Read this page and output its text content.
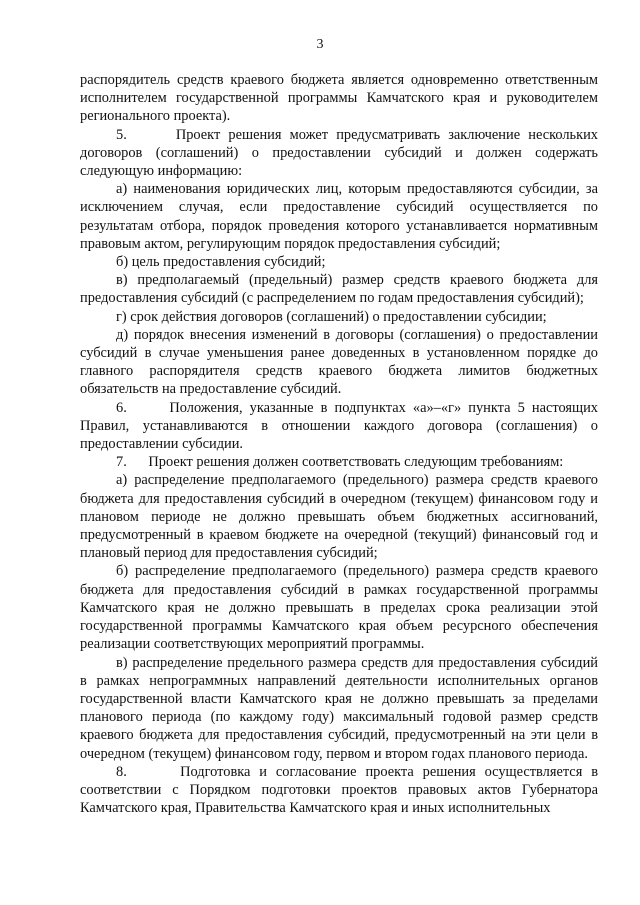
3

распорядитель средств краевого бюджета является одновременно ответственным исполнителем государственной программы Камчатского края и руководителем регионального проекта).

5.      Проект решения может предусматривать заключение нескольких договоров (соглашений) о предоставлении субсидий и должен содержать следующую информацию:

а) наименования юридических лиц, которым предоставляются субсидии, за исключением случая, если предоставление субсидий осуществляется по результатам отбора, порядок проведения которого устанавливается нормативным правовым актом, регулирующим порядок предоставления субсидий;

б) цель предоставления субсидий;

в) предполагаемый (предельный) размер средств краевого бюджета для предоставления субсидий (с распределением по годам предоставления субсидий);

г) срок действия договоров (соглашений) о предоставлении субсидии;

д) порядок внесения изменений в договоры (соглашения) о предоставлении субсидий в случае уменьшения ранее доведенных в установленном порядке до главного распорядителя средств краевого бюджета лимитов бюджетных обязательств на предоставление субсидий.

6.      Положения, указанные в подпунктах «а»–«г» пункта 5 настоящих Правил, устанавливаются в отношении каждого договора (соглашения) о предоставлении субсидии.

7.      Проект решения должен соответствовать следующим требованиям:

а) распределение предполагаемого (предельного) размера средств краевого бюджета для предоставления субсидий в очередном (текущем) финансовом году и плановом периоде не должно превышать объем бюджетных ассигнований, предусмотренный в краевом бюджете на очередной (текущий) финансовый год и плановый период для предоставления субсидий;

б) распределение предполагаемого (предельного) размера средств краевого бюджета для предоставления субсидий в рамках государственной программы Камчатского края не должно превышать в пределах срока реализации этой государственной программы Камчатского края объем ресурсного обеспечения реализации соответствующих мероприятий программы.

в) распределение предельного размера средств для предоставления субсидий в рамках непрограммных направлений деятельности исполнительных органов государственной власти Камчатского края не должно превышать за пределами планового периода (по каждому году) максимальный годовой размер средств краевого бюджета для предоставления субсидий, предусмотренный на эти цели в очередном (текущем) финансовом году, первом и втором годах планового периода.

8.      Подготовка и согласование проекта решения осуществляется в соответствии с Порядком подготовки проектов правовых актов Губернатора Камчатского края, Правительства Камчатского края и иных исполнительных
